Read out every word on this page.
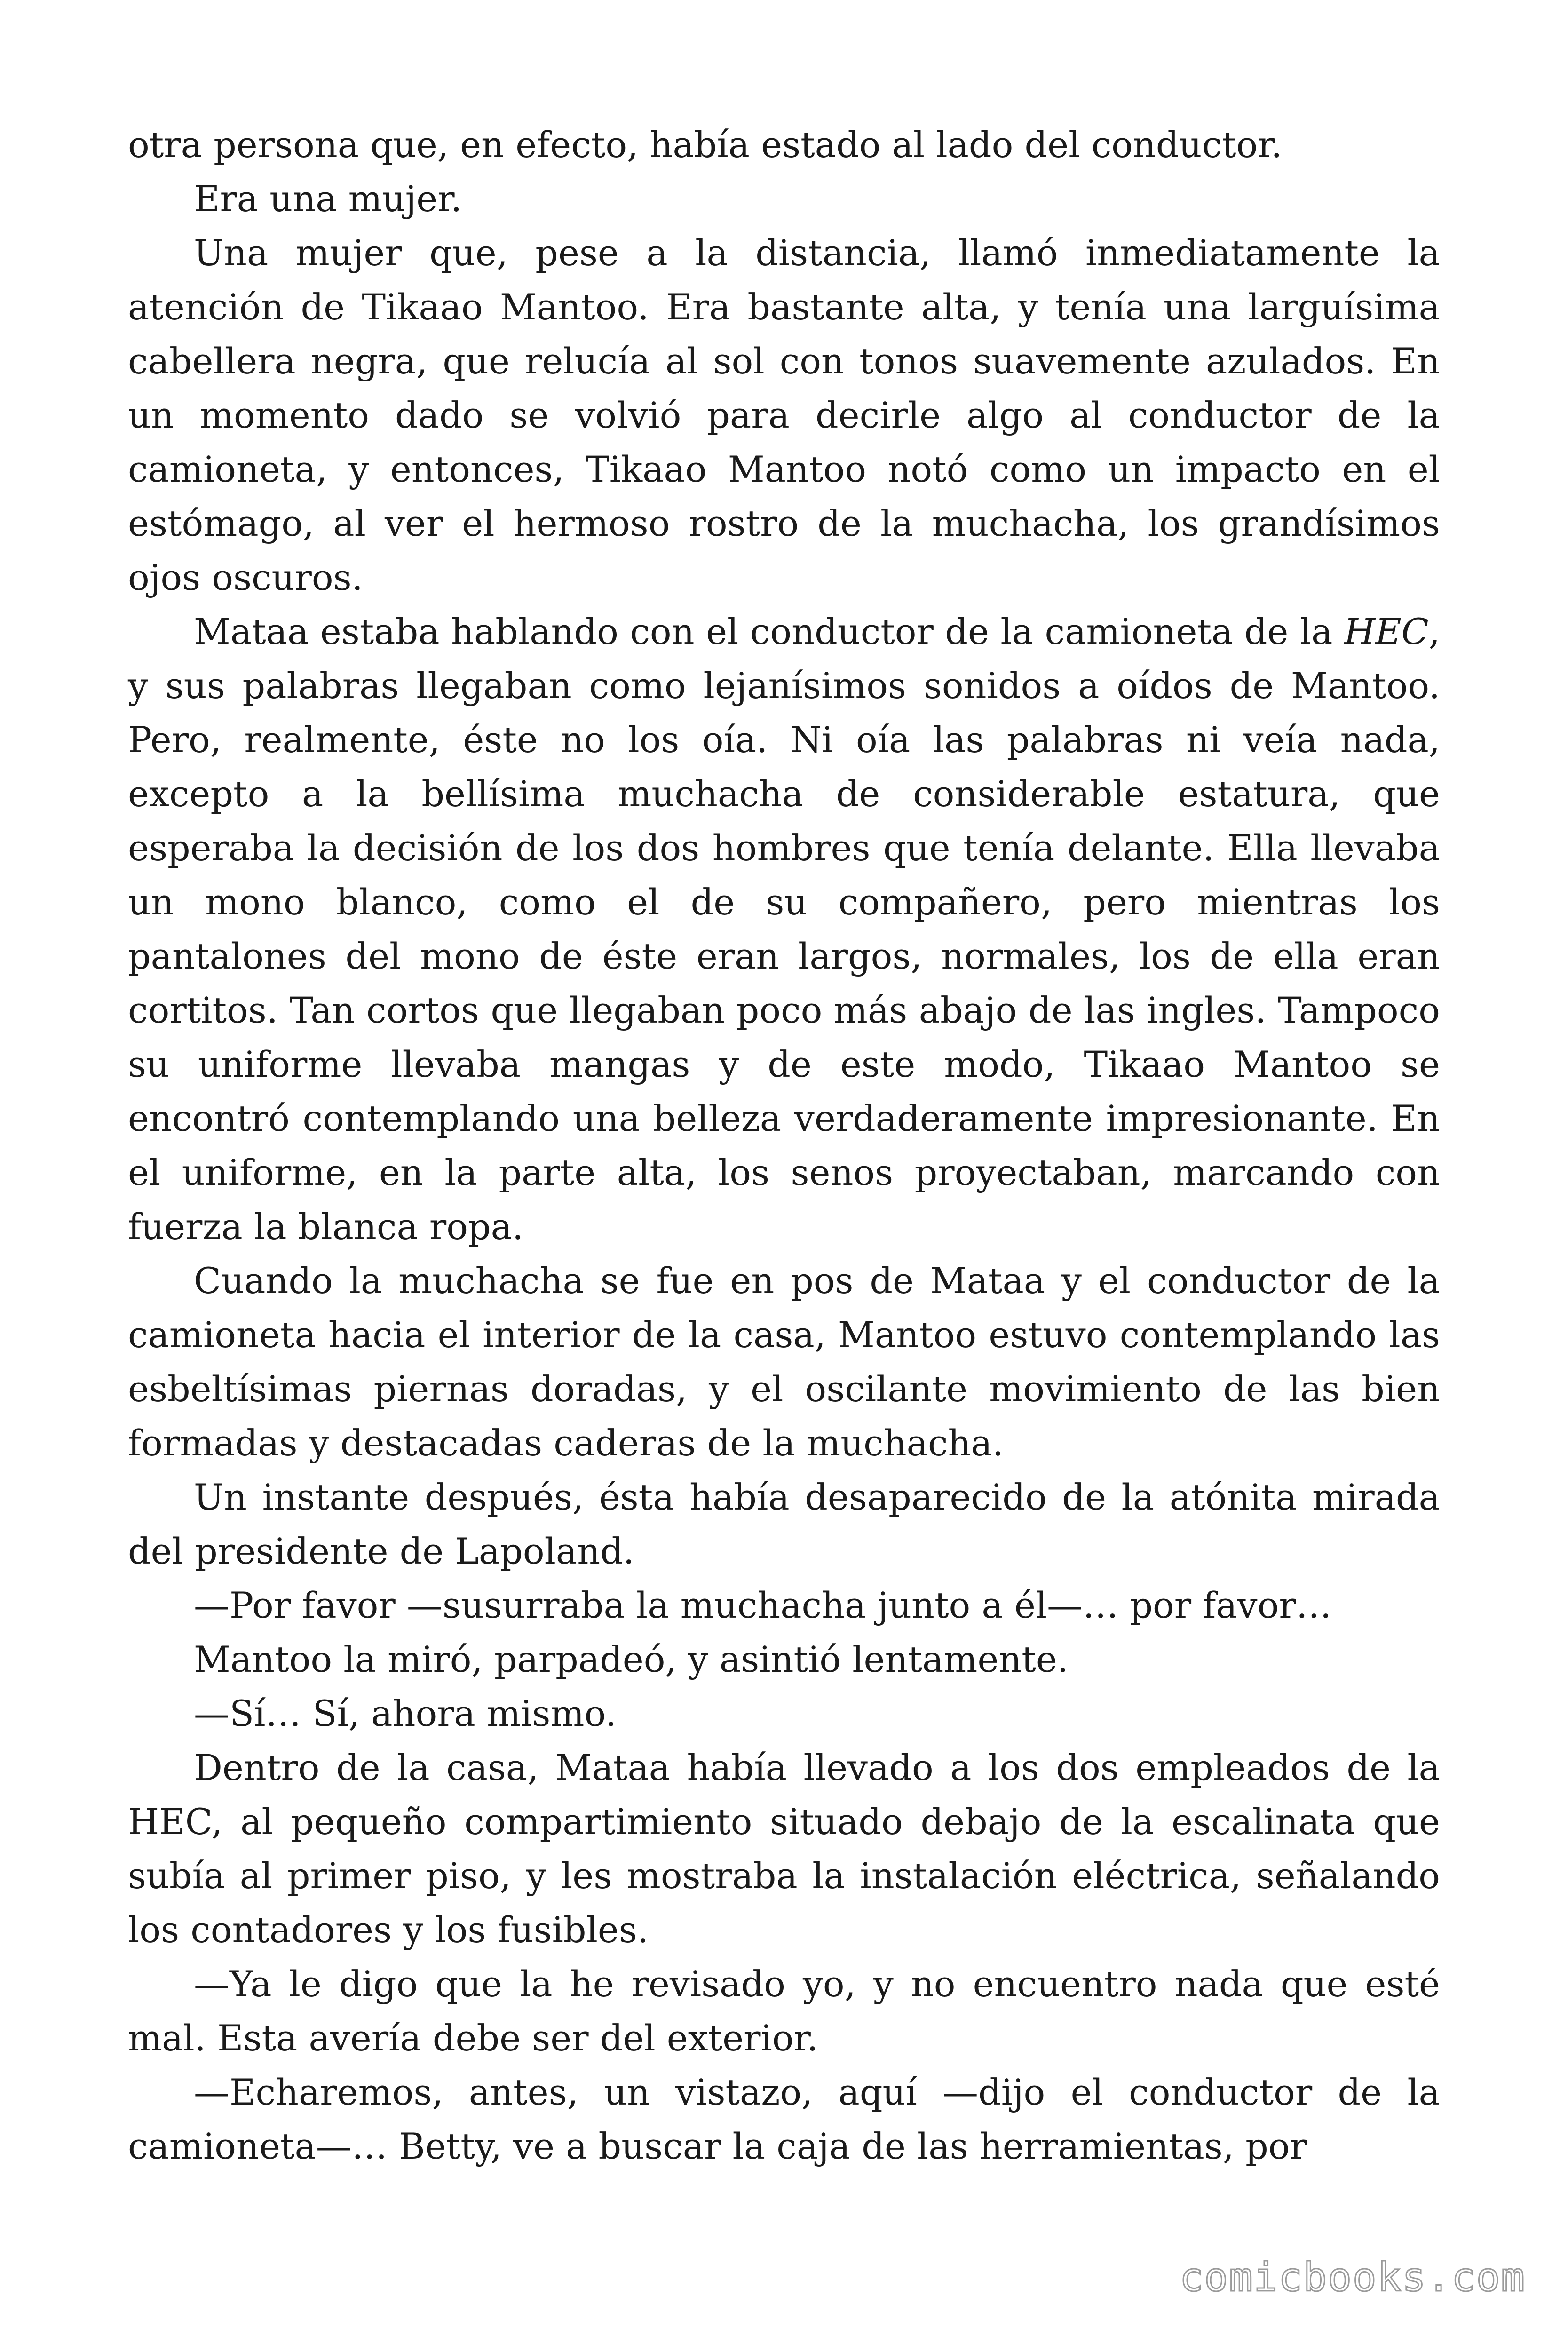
otra persona que, en efecto, había estado al lado del conductor.

Era una mujer.

Una mujer que, pese a la distancia, llamó inmediatamente la atención de Tikaao Mantoo. Era bastante alta, y tenía una larguísima cabellera negra, que relucía al sol con tonos suavemente azulados. En un momento dado se volvió para decirle algo al conductor de la camioneta, y entonces, Tikaao Mantoo notó como un impacto en el estómago, al ver el hermoso rostro de la muchacha, los grandísimos ojos oscuros.

Mataa estaba hablando con el conductor de la camioneta de la HEC, y sus palabras llegaban como lejanísimos sonidos a oídos de Mantoo. Pero, realmente, éste no los oía. Ni oía las palabras ni veía nada, excepto a la bellísima muchacha de considerable estatura, que esperaba la decisión de los dos hombres que tenía delante. Ella llevaba un mono blanco, como el de su compañero, pero mientras los pantalones del mono de éste eran largos, normales, los de ella eran cortitos. Tan cortos que llegaban poco más abajo de las ingles. Tampoco su uniforme llevaba mangas y de este modo, Tikaao Mantoo se encontró contemplando una belleza verdaderamente impresionante. En el uniforme, en la parte alta, los senos proyectaban, marcando con fuerza la blanca ropa.

Cuando la muchacha se fue en pos de Mataa y el conductor de la camioneta hacia el interior de la casa, Mantoo estuvo contemplando las esbeltísimas piernas doradas, y el oscilante movimiento de las bien formadas y destacadas caderas de la muchacha.

Un instante después, ésta había desaparecido de la atónita mirada del presidente de Lapoland.

—Por favor —susurraba la muchacha junto a él—… por favor…

Mantoo la miró, parpadeó, y asintió lentamente.

—Sí… Sí, ahora mismo.

Dentro de la casa, Mataa había llevado a los dos empleados de la HEC, al pequeño compartimiento situado debajo de la escalinata que subía al primer piso, y les mostraba la instalación eléctrica, señalando los contadores y los fusibles.

—Ya le digo que la he revisado yo, y no encuentro nada que esté mal. Esta avería debe ser del exterior.

—Echaremos, antes, un vistazo, aquí —dijo el conductor de la camioneta—… Betty, ve a buscar la caja de las herramientas, por

comicbooks.com
